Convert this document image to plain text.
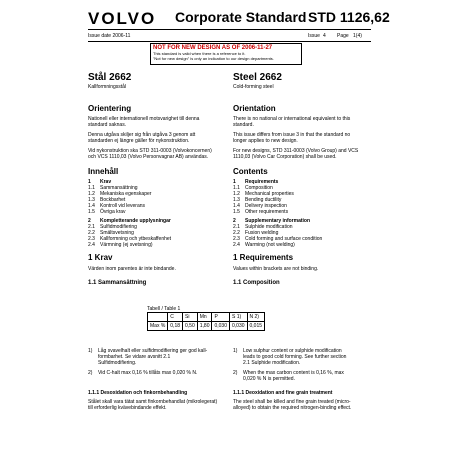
VOLVO Corporate Standard STD 1126,62
Issue date 2006-11	Issue 4 Page 1(4)
NOT FOR NEW DESIGN AS OF 2006-11-27
This standard is valid when there is a reference to it.
"Not for new design" is only an indication to our design departments.
Stål 2662
Kallformningsstål
Orientering
Nationell eller internationell motsvarighet till denna standard saknas.
Denna utgåva skiljer sig från utgåva 3 genom att standarden ej längre gäller för nykonstruktion.
Vid nykonstruktion ska STD 311-0003 (Volvokoncernen) och VCS 1110,03 (Volvo Personvagnar AB) användas.
Innehåll
1 Krav
1.1 Sammansättning
1.2 Mekaniska egenskaper
1.3 Bockbarhet
1.4 Kontroll vid leverans
1.5 Övriga krav
2 Kompletterande upplysningar
2.1 Sulfidmodifiering
2.2 Smältsvetsning
2.3 Kallformning och ytbeskaffenhet
2.4 Värmning (ej svetsning)
1 Krav
Värden inom parentes är inte bindande.
1.1 Sammansättning
Steel 2662
Cold-forming steel
Orientation
There is no national or international equivalent to this standard.
This issue differs from issue 3 in that the standard no longer applies to new design.
For new designs, STD 311-0003 (Volvo Group) and VCS 1110,03 (Volvo Car Corporation) shall be used.
Contents
1 Requirements
1.1 Composition
1.2 Mechanical properties
1.3 Bending ductility
1.4 Delivery inspection
1.5 Other requirements
2 Supplementary information
2.1 Sulphide modification
2.2 Fusion welding
2.3 Cold forming and surface condition
2.4 Warming (not welding)
1 Requirements
Values within brackets are not binding.
1.1 Composition
Tabell / Table 1
	C	Si	Mn	P	S 1)	N 2)
Max %	0,18	0,50	1,80	0,030	0,030	0,015
1) Låg svavelhalt eller sulfidmodifiering ger god kall-formbarhet. Se vidare avsnitt 2.1 Sulfidmodifiering.
2) Vid C-halt max 0,16 % tillåts max 0,020 % N.
1) Low sulphur content or sulphide modification leads to good cold forming. See further section 2.1 Sulphide modification.
2) When the max carbon content is 0,16 %, max 0,020 % N is permitted.
1.1.1 Desoxidation och finkornbehandling
Stålet skall vara tätat samt finkornbehandlat (mikrolegerat) till erforderlig kvävebindande effekt.
1.1.1 Deoxidation and fine grain treatment
The steel shall be killed and fine grain treated (micro-alloyed) to obtain the required nitrogen-binding effect.
